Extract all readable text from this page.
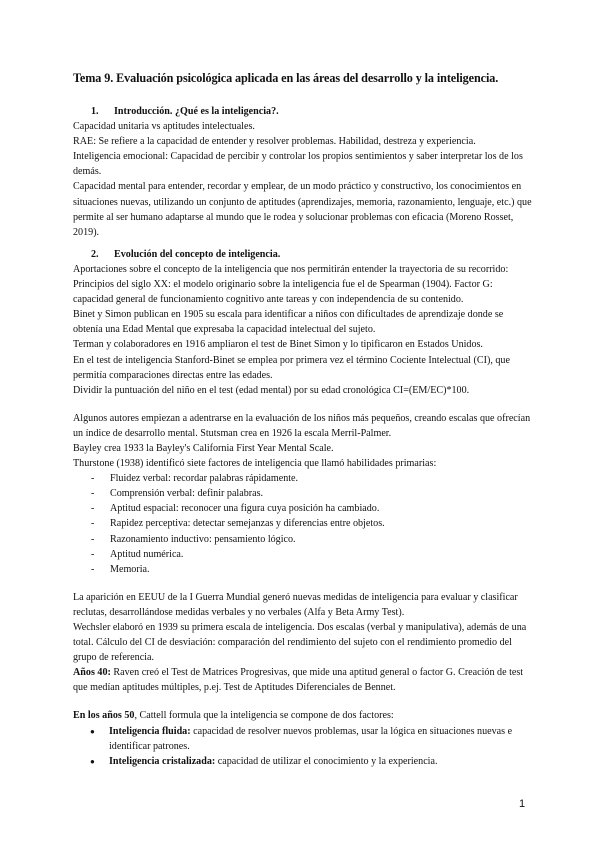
Tema 9. Evaluación psicológica aplicada en las áreas del desarrollo y la inteligencia.

1. Introducción. ¿Qué es la inteligencia?.

Capacidad unitaria vs aptitudes intelectuales.

RAE: Se refiere a la capacidad de entender y resolver problemas. Habilidad, destreza y experiencia.

Inteligencia emocional: Capacidad de percibir y controlar los propios sentimientos y saber interpretar los de los demás.

Capacidad mental para entender, recordar y emplear, de un modo práctico y constructivo, los conocimientos en situaciones nuevas, utilizando un conjunto de aptitudes (aprendizajes, memoria, razonamiento, lenguaje, etc.) que permite al ser humano adaptarse al mundo que le rodea y solucionar problemas con eficacia (Moreno Rosset, 2019).

2. Evolución del concepto de inteligencia.

Aportaciones sobre el concepto de la inteligencia que nos permitirán entender la trayectoria de su recorrido: Principios del siglo XX: el modelo originario sobre la inteligencia fue el de Spearman (1904). Factor G: capacidad general de funcionamiento cognitivo ante tareas y con independencia de su contenido.

Binet y Simon publican en 1905 su escala para identificar a niños con dificultades de aprendizaje donde se obtenía una Edad Mental que expresaba la capacidad intelectual del sujeto.

Terman y colaboradores en 1916 ampliaron el test de Binet Simon y lo tipificaron en Estados Unidos.

En el test de inteligencia Stanford-Binet se emplea por primera vez el término Cociente Intelectual (CI), que permitía comparaciones directas entre las edades.

Dividir la puntuación del niño en el test (edad mental) por su edad cronológica CI=(EM/EC)*100.

Algunos autores empiezan a adentrarse en la evaluación de los niños más pequeños, creando escalas que ofrecían un índice de desarrollo mental. Stutsman crea en 1926 la escala Merril-Palmer.

Bayley crea 1933 la Bayley's California First Year Mental Scale.

Thurstone (1938) identificó siete factores de inteligencia que llamó habilidades primarias:

- Fluidez verbal: recordar palabras rápidamente.
- Comprensión verbal: definir palabras.
- Aptitud espacial: reconocer una figura cuya posición ha cambiado.
- Rapidez perceptiva: detectar semejanzas y diferencias entre objetos.
- Razonamiento inductivo: pensamiento lógico.
- Aptitud numérica.
- Memoria.

La aparición en EEUU de la I Guerra Mundial generó nuevas medidas de inteligencia para evaluar y clasificar reclutas, desarrollándose medidas verbales y no verbales (Alfa y Beta Army Test).

Wechsler elaboró en 1939 su primera escala de inteligencia. Dos escalas (verbal y manipulativa), además de una total. Cálculo del CI de desviación: comparación del rendimiento del sujeto con el rendimiento promedio del grupo de referencia.

Años 40: Raven creó el Test de Matrices Progresivas, que mide una aptitud general o factor G. Creación de test que medían aptitudes múltiples, p.ej. Test de Aptitudes Diferenciales de Bennet.

En los años 50, Cattell formula que la inteligencia se compone de dos factores:

● Inteligencia fluida: capacidad de resolver nuevos problemas, usar la lógica en situaciones nuevas e identificar patrones.
● Inteligencia cristalizada: capacidad de utilizar el conocimiento y la experiencia.
1
